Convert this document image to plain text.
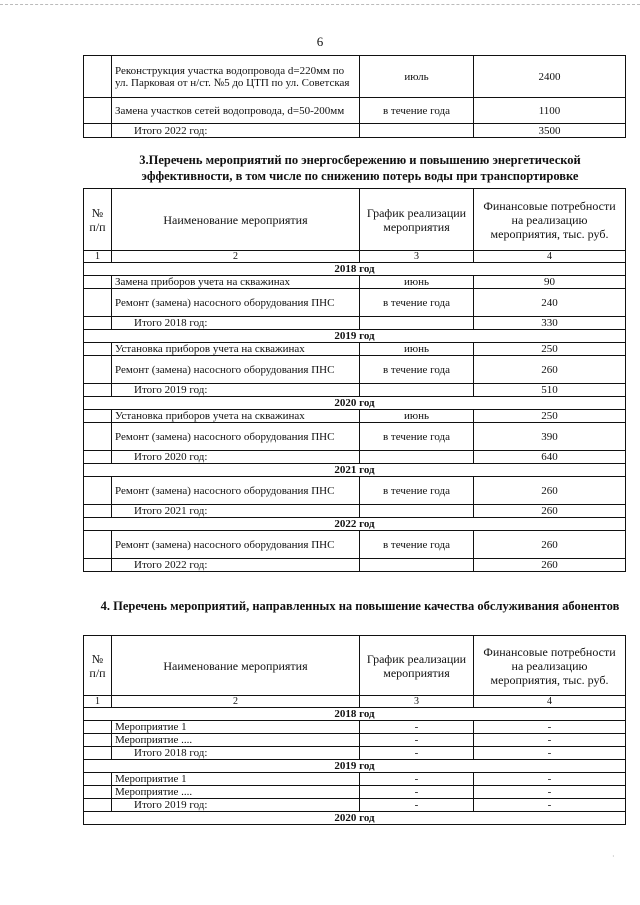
6
	Реконструкция участка водопровода d=220мм по ул. Парковая от н/ст. №5 до ЦТП по ул. Советская	июль	2400
	Замена участков сетей водопровода, d=50-200мм	в течение года	1100
	Итого 2022 год:		3500

3.Перечень мероприятий по энергосбережению и повышению энергетической эффективности, в том числе по снижению потерь воды при транспортировке

№ п/п	Наименование мероприятия	График реализации мероприятия	Финансовые потребности на реализацию мероприятия, тыс. руб.
1	2	3	4
2018 год			
	Замена приборов учета на скважинах	июнь	90
	Ремонт (замена) насосного оборудования ПНС	в течение года	240
	Итого 2018 год:		330
2019 год			
	Установка приборов учета на скважинах	июнь	250
	Ремонт (замена) насосного оборудования ПНС	в течение года	260
	Итого 2019 год:		510
2020 год			
	Установка приборов учета на скважинах	июнь	250
	Ремонт (замена) насосного оборудования ПНС	в течение года	390
	Итого 2020 год:		640
2021 год			
	Ремонт (замена) насосного оборудования ПНС	в течение года	260
	Итого 2021 год:		260
2022 год			
	Ремонт (замена) насосного оборудования ПНС	в течение года	260
	Итого 2022 год:		260

4. Перечень мероприятий, направленных на повышение качества обслуживания абонентов

№ п/п	Наименование мероприятия	График реализации мероприятия	Финансовые потребности на реализацию мероприятия, тыс. руб.
1	2	3	4
2018 год			
	Мероприятие 1	-	-
	Мероприятие ....	-	-
	Итого 2018 год:	-	-
2019 год			
	Мероприятие 1	-	-
	Мероприятие ....	-	-
	Итого 2019 год:	-	-
2020 год			
·
